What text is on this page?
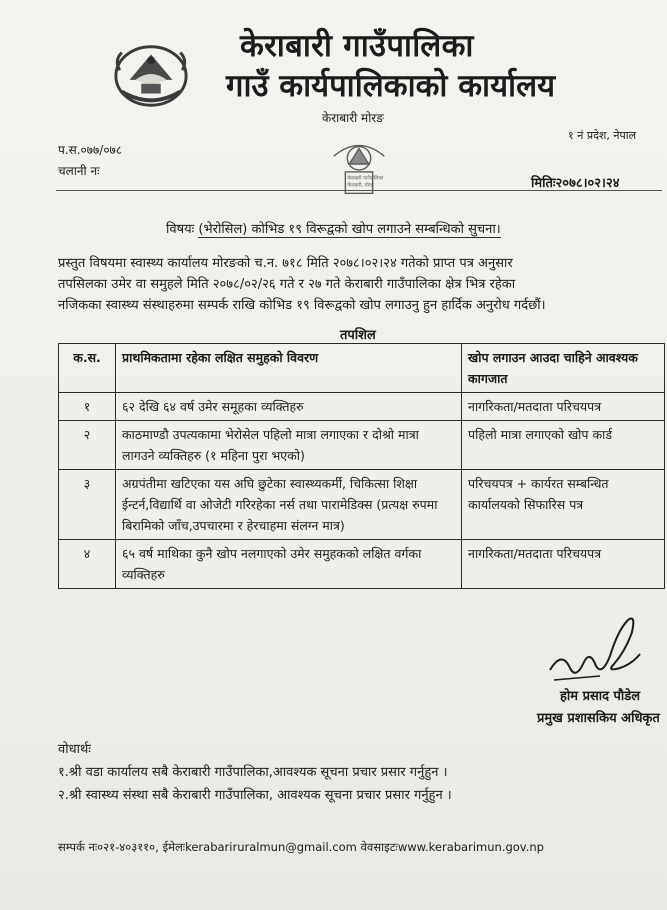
केराबारी गाउँपालिका
गाउँ कार्यपालिकाको कार्यालय
केराबारी मोरङ
१ नं प्रदेश, नेपाल
प.स.०७७/०७८
चलानी नः
केराबारी गाउँपालिका
केराबारी, मोरङ	मितिः२०७८।०२।२४
विषयः (भेरोसिल) कोभिड १९ विरूद्वको खोप लगाउने सम्बन्धिको सुचना।
प्रस्तुत विषयमा स्वास्थ्य कार्यालय मोरङको च.न. ७१८ मिति २०७८।०२।२४ गतेको प्राप्त पत्र अनुसार
तपसिलका उमेर वा समुहले मिति २०७८/०२/२६ गते र २७ गते केराबारी गाउँपालिका क्षेत्र भित्र रहेका
नजिकका स्वास्थ्य संस्थाहरुमा सम्पर्क राखि कोभिड १९ विरूद्वको खोप लगाउनु हुन हार्दिक अनुरोध गर्दछौं।
तपशिल
क.स.	प्राथमिकतामा रहेका लक्षित समुहको विवरण	खोप लगाउन आउदा चाहिने आवश्यक कागजात
१	६२ देखि ६४ वर्ष उमेर समूहका व्यक्तिहरु	नागरिकता/मतदाता परिचयपत्र
२	काठमाण्डौ उपत्यकामा भेरोसेल पहिलो मात्रा लगाएका र दोश्रो मात्रा लागउने व्यक्तिहरु (१ महिना पुरा भएको)	पहिलो मात्रा लगाएको खोप कार्ड
३	अग्रपंतीमा खटिएका यस अघि छुटेका स्वास्थ्यकर्मी, चिकित्सा शिक्षा ईन्टर्न,विद्यार्थि वा ओजेटी गरिरहेका नर्स तथा पारामेडिक्स (प्रत्यक्ष रुपमा बिरामिको जाँच,उपचारमा र हेरचाहमा संलग्न मात्र)	परिचयपत्र + कार्यरत सम्बन्धित कार्यालयको सिफारिस पत्र
४	६५ वर्ष माथिका कुनै खोप नलगाएको उमेर समुहकको लक्षित वर्गका व्यक्तिहरु	नागरिकता/मतदाता परिचयपत्र
होम प्रसाद पौडेल
प्रमुख प्रशासकिय अधिकृत
वोधार्थः
१.श्री वडा कार्यालय सबै केराबारी गाउँपालिका,आवश्यक सूचना प्रचार प्रसार गर्नुहुन ।
२.श्री स्वास्थ्य संस्था सबै केराबारी गाउँपालिका, आवश्यक सूचना प्रचार प्रसार गर्नुहुन ।
सम्पर्क नः०२१-४०३११०, ईमेलःkerabariruralmun@gmail.com वेवसाइटःwww.kerabarimun.gov.np
